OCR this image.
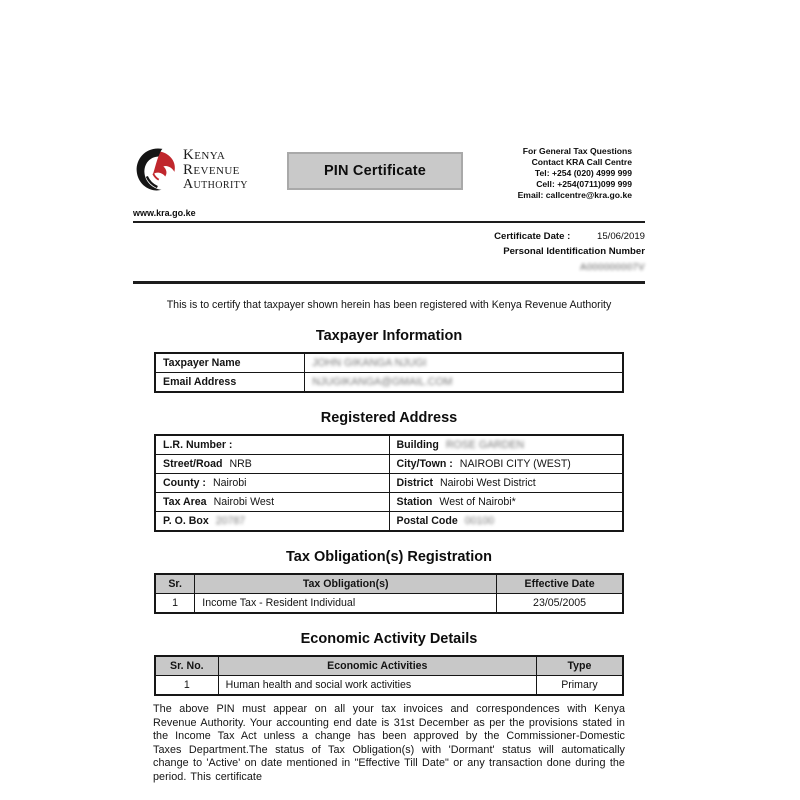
Kenya Revenue
Authority
PIN Certificate
For General Tax Questions
Contact KRA Call Centre
Tel: +254 (020) 4999 999
Cell: +254(0711)099 999
Email: callcentre@kra.go.ke
www.kra.go.ke
Certificate Date :	15/06/2019
Personal Identification Number
A000000007V
This is to certify that taxpayer shown herein has been registered with Kenya Revenue Authority
Taxpayer Information
Taxpayer Name	JOHN GIKANGA NJUGI
Email Address	NJUGIKANGA@GMAIL.COM
Registered Address
L.R. Number :	Building ROSE GARDEN
Street/Road NRB	City/Town : NAIROBI CITY (WEST)
County : Nairobi	District Nairobi West District
Tax Area Nairobi West	Station West of Nairobi*
P. O. Box 20787	Postal Code 00100
Tax Obligation(s) Registration
Sr.	Tax Obligation(s)	Effective Date
1	Income Tax - Resident Individual	23/05/2005
Economic Activity Details
Sr. No.	Economic Activities	Type
1	Human health and social work activities	Primary
The above PIN must appear on all your tax invoices and correspondences with Kenya Revenue Authority. Your accounting end date is 31st December as per the provisions stated in the Income Tax Act unless a change has been approved by the Commissioner-Domestic Taxes Department.The status of Tax Obligation(s) with 'Dormant' status will automatically change to 'Active' on date mentioned in "Effective Till Date" or any transaction done during the period. This certificate
